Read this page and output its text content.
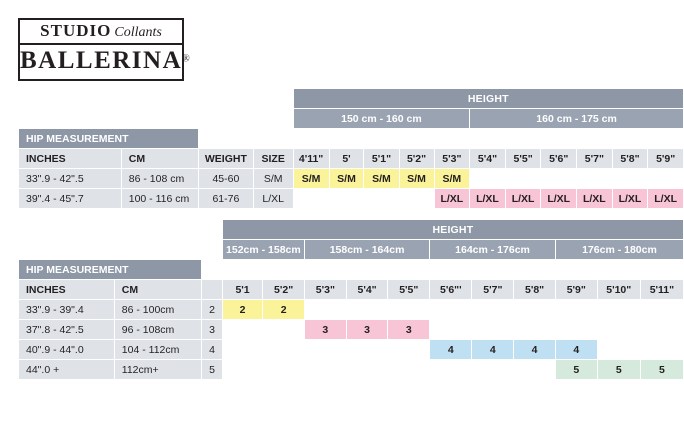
STUDIO Collants
BALLERINA®
				HEIGHT										
				150 cm - 160 cm					160 cm - 175 cm					
HIP MEASUREMENT														
INCHES	CM	WEIGHT	SIZE	4'11"	5'	5'1"	5'2"	5'3"	5'4"	5'5"	5'6"	5'7"	5'8"	5'9"
33".9 - 42".5	86 - 108 cm	45-60	S/M	S/M	S/M	S/M	S/M	S/M						
39".4 - 45".7	100 - 116 cm	61-76	L/XL					L/XL	L/XL	L/XL	L/XL	L/XL	L/XL	L/XL
			HEIGHT										
			152cm - 158cm		158cm - 164cm			164cm - 176cm			176cm - 180cm		
HIP MEASUREMENT													
INCHES	CM		5'1	5'2"	5'3"	5'4"	5'5"	5'6"'	5'7"	5'8"	5'9"	5'10"	5'11"
33".9 - 39".4	86 - 100cm	2	2	2									
37".8 - 42".5	96 - 108cm	3			3	3	3						
40".9 - 44".0	104 - 112cm	4						4	4	4	4		
44".0 +	112cm+	5									5	5	5
